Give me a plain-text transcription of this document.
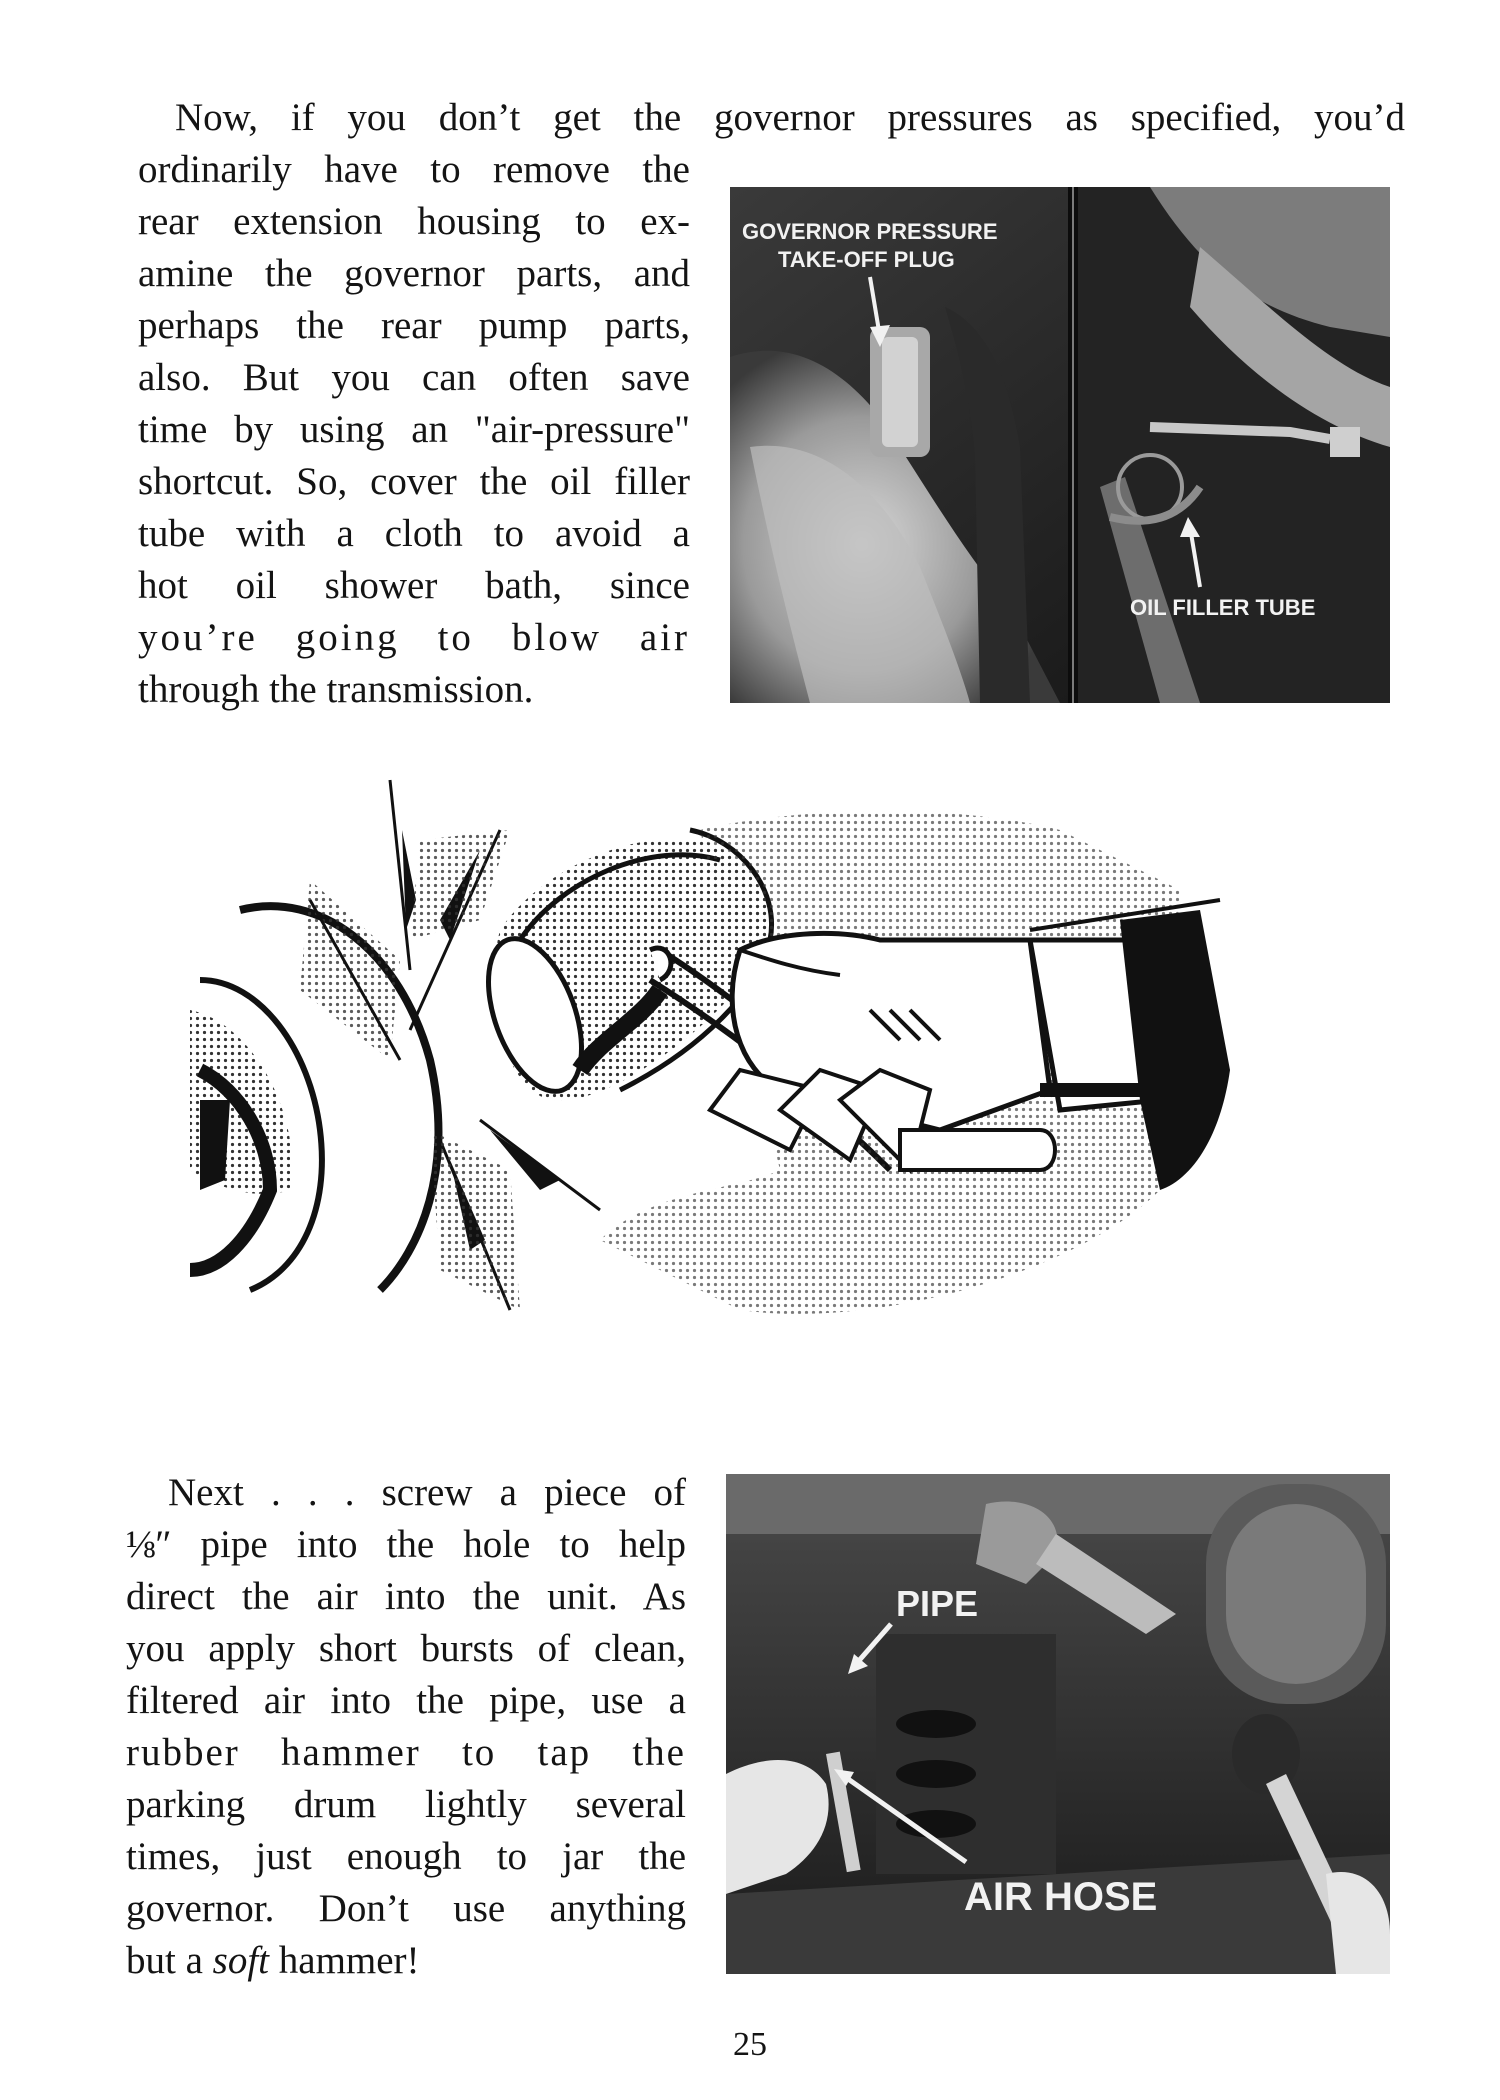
Now, if you don’t get the governor pressures as specified, you’d
ordinarily have to remove the
rear extension housing to ex-
amine the governor parts, and
perhaps the rear pump parts,
also. But you can often save
time by using an "air-pressure"
shortcut. So, cover the oil filler
tube with a cloth to avoid a
hot oil shower bath, since
you’re going to blow air
through the transmission.
GOVERNOR PRESSURE
TAKE-OFF PLUG
OIL FILLER TUBE
Next . . . screw a piece of
⅛″ pipe into the hole to help
direct the air into the unit. As
you apply short bursts of clean,
filtered air into the pipe, use a
rubber hammer to tap the
parking drum lightly several
times, just enough to jar the
governor. Don’t use anything
but a soft hammer!
PIPE
AIR HOSE
25
